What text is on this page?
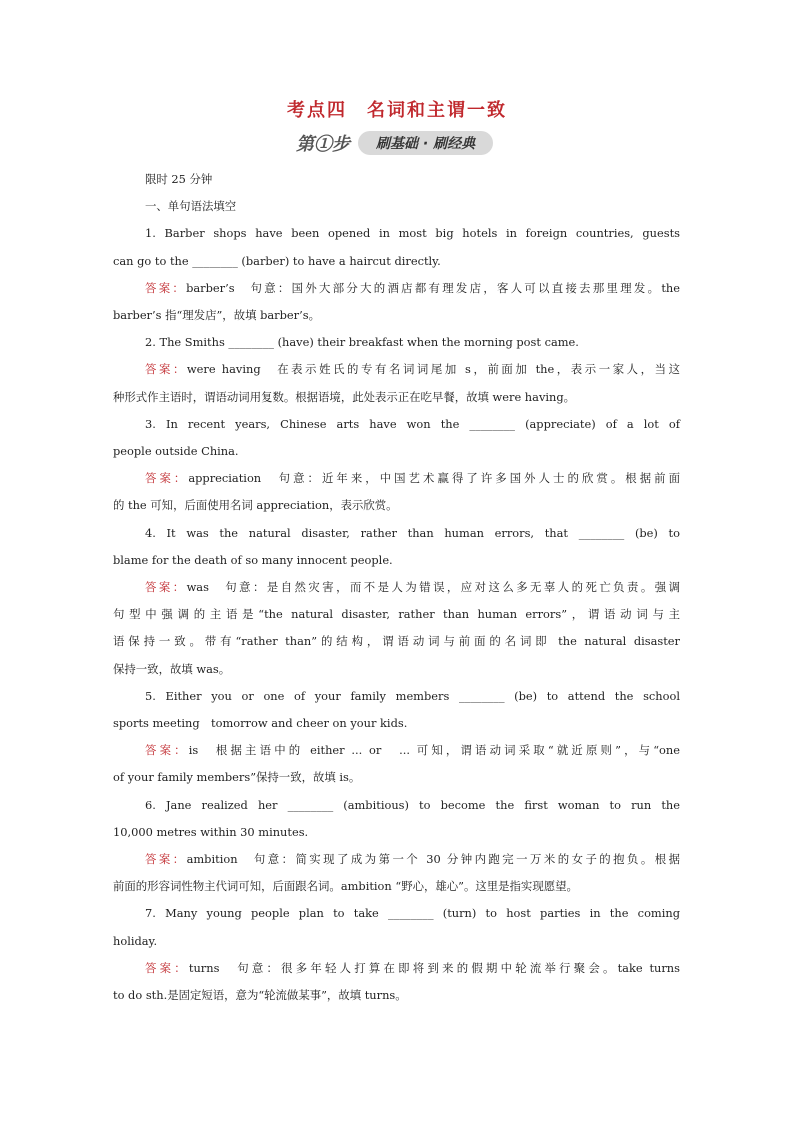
考点四　名词和主谓一致
第①步	刷基础 · 刷经典

限时 25 分钟

一、单句语法填空

1. Barber shops have been opened in most big hotels in foreign countries, guests

can go to the ________ (barber) to have a haircut directly.

答案：barber’s　句意：国外大部分大的酒店都有理发店，客人可以直接去那里理发。the

barber’s 指“理发店”，故填 barber’s。

2. The Smiths ________ (have) their breakfast when the morning post came.

答案：were having　在表示姓氏的专有名词词尾加 s，前面加 the，表示一家人，当这

种形式作主语时，谓语动词用复数。根据语境，此处表示正在吃早餐，故填 were having。

3. In recent years, Chinese arts have won the ________ (appreciate) of a lot of

people outside China.

答案：appreciation　句意：近年来，中国艺术赢得了许多国外人士的欣赏。根据前面

的 the 可知，后面使用名词 appreciation，表示欣赏。

4. It was the natural disaster, rather than human errors, that ________ (be) to

blame for the death of so many innocent people.

答案：was　句意：是自然灾害，而不是人为错误，应对这么多无辜人的死亡负责。强调

句型中强调的主语是“the natural disaster, rather than human errors”，谓语动词与主

语保持一致。带有“rather than”的结构，谓语动词与前面的名词即 the natural disaster

保持一致，故填 was。

5. Either you or one of your family members ________ (be) to attend the school

sports meeting　tomorrow and cheer on your kids.

答案：is　根据主语中的 either ... or　... 可知，谓语动词采取“就近原则”，与“one

of your family members”保持一致，故填 is。

6. Jane realized her ________ (ambitious) to become the first woman to run the

10,000 metres within 30 minutes.

答案：ambition　句意：简实现了成为第一个 30 分钟内跑完一万米的女子的抱负。根据

前面的形容词性物主代词可知，后面跟名词。ambition “野心，雄心”。这里是指实现愿望。

7. Many young people plan to take ________ (turn) to host parties in the coming

holiday.

答案：turns　句意：很多年轻人打算在即将到来的假期中轮流举行聚会。take turns

to do sth.是固定短语，意为“轮流做某事”，故填 turns。
